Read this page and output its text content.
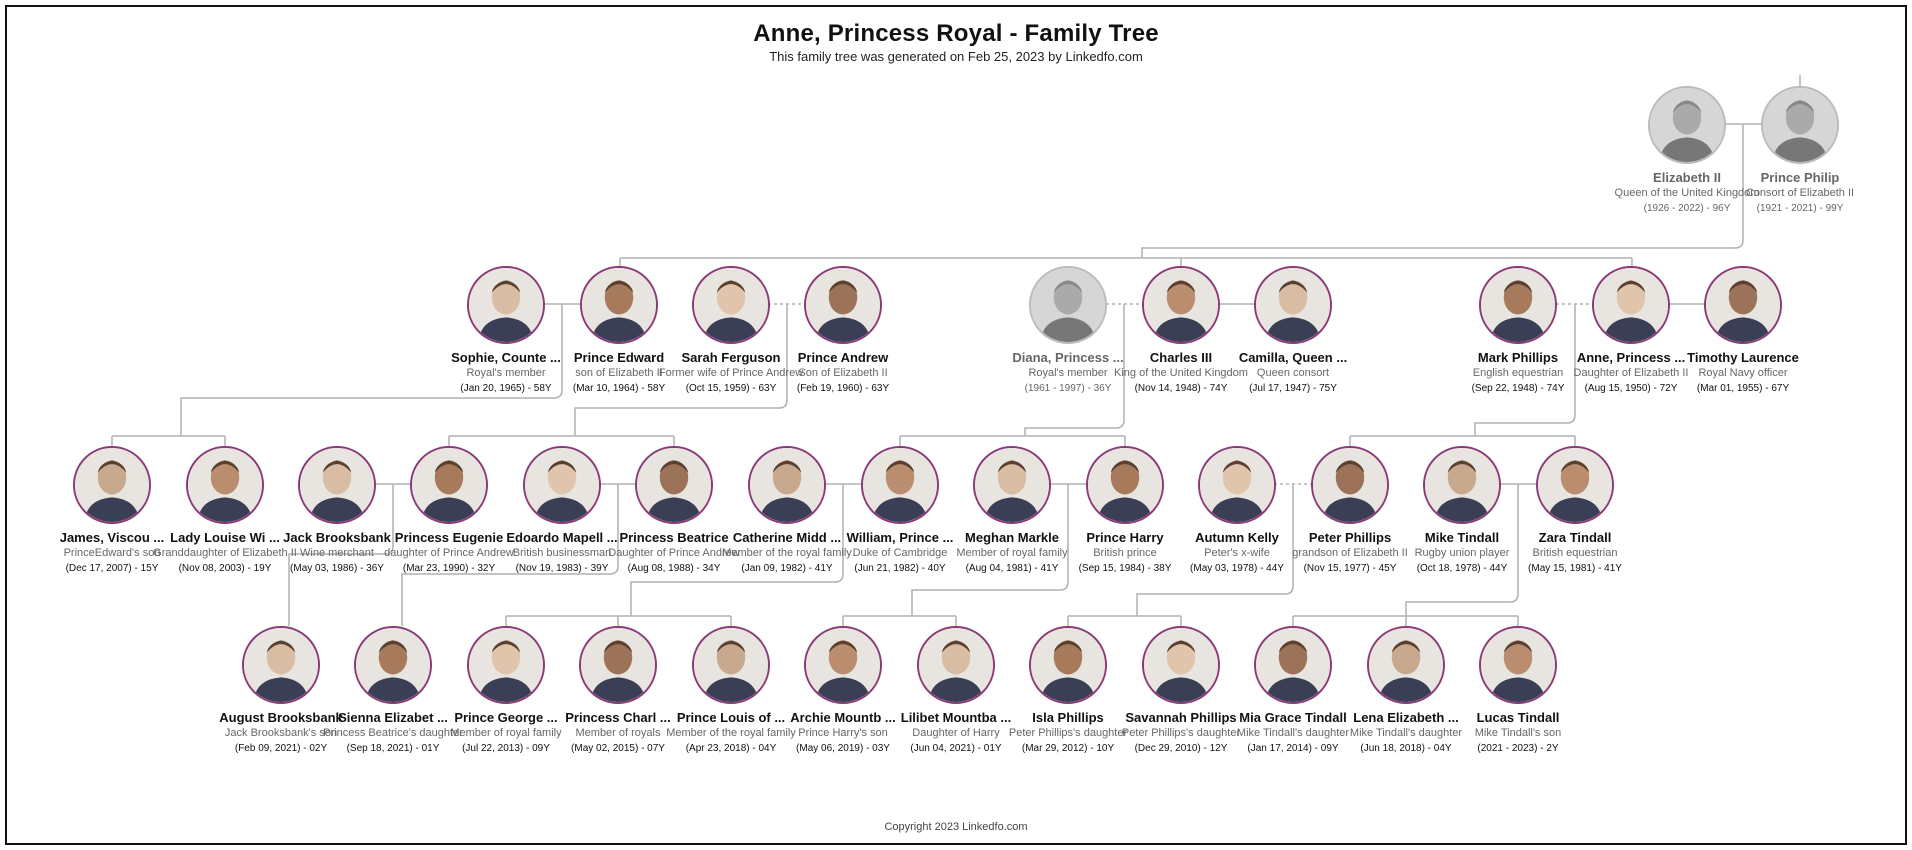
Anne, Princess Royal - Family Tree
This family tree was generated on Feb 25, 2023 by Linkedfo.com
Copyright 2023 Linkedfo.com
Elizabeth II
Queen of the United Kingdom
(1926 - 2022) - 96Y
Prince Philip
Consort of Elizabeth II
(1921 - 2021) - 99Y
Sophie, Counte ...
Royal's member
(Jan 20, 1965) - 58Y
Prince Edward
son of Elizabeth II
(Mar 10, 1964) - 58Y
Sarah Ferguson
Former wife of Prince Andrew
(Oct 15, 1959) - 63Y
Prince Andrew
Son of Elizabeth II
(Feb 19, 1960) - 63Y
Diana, Princess ...
Royal's member
(1961 - 1997) - 36Y
Charles III
King of the United Kingdom
(Nov 14, 1948) - 74Y
Camilla, Queen ...
Queen consort
(Jul 17, 1947) - 75Y
Mark Phillips
English equestrian
(Sep 22, 1948) - 74Y
Anne, Princess ...
Daughter of Elizabeth II
(Aug 15, 1950) - 72Y
Timothy Laurence
Royal Navy officer
(Mar 01, 1955) - 67Y
James, Viscou ...
PrinceEdward's son
(Dec 17, 2007) - 15Y
Lady Louise Wi ...
Granddaughter of Elizabeth II
(Nov 08, 2003) - 19Y
Jack Brooksbank
Wine merchant
(May 03, 1986) - 36Y
Princess Eugenie
daughter of Prince Andrew
(Mar 23, 1990) - 32Y
Edoardo Mapell ...
British businessman
(Nov 19, 1983) - 39Y
Princess Beatrice
Daughter of Prince Andrew
(Aug 08, 1988) - 34Y
Catherine Midd ...
Member of the royal family
(Jan 09, 1982) - 41Y
William, Prince ...
Duke of Cambridge
(Jun 21, 1982) - 40Y
Meghan Markle
Member of royal family
(Aug 04, 1981) - 41Y
Prince Harry
British prince
(Sep 15, 1984) - 38Y
Autumn Kelly
Peter's x-wife
(May 03, 1978) - 44Y
Peter Phillips
grandson of Elizabeth II
(Nov 15, 1977) - 45Y
Mike Tindall
Rugby union player
(Oct 18, 1978) - 44Y
Zara Tindall
British equestrian
(May 15, 1981) - 41Y
August Brooksbank
Jack Brooksbank's son
(Feb 09, 2021) - 02Y
Sienna Elizabet ...
Princess Beatrice's daughter
(Sep 18, 2021) - 01Y
Prince George ...
Member of royal family
(Jul 22, 2013) - 09Y
Princess Charl ...
Member of royals
(May 02, 2015) - 07Y
Prince Louis of ...
Member of the royal family
(Apr 23, 2018) - 04Y
Archie Mountb ...
Prince Harry's son
(May 06, 2019) - 03Y
Lilibet Mountba ...
Daughter of Harry
(Jun 04, 2021) - 01Y
Isla Phillips
Peter Phillips's daughter
(Mar 29, 2012) - 10Y
Savannah Phillips
Peter Phillips's daughter
(Dec 29, 2010) - 12Y
Mia Grace Tindall
Mike Tindall's daughter
(Jan 17, 2014) - 09Y
Lena Elizabeth ...
Mike Tindall's daughter
(Jun 18, 2018) - 04Y
Lucas Tindall
Mike Tindall's son
(2021 - 2023) - 2Y
